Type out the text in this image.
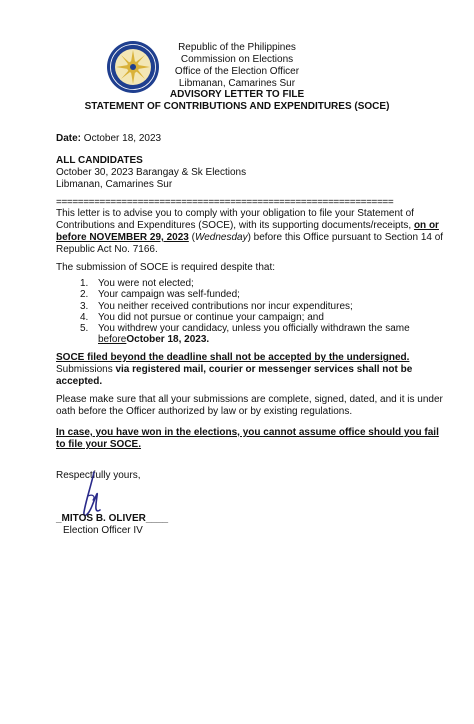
Republic of the Philippines
Commission on Elections
Office of the Election Officer
Libmanan, Camarines Sur
ADVISORY LETTER TO FILE
STATEMENT OF CONTRIBUTIONS AND EXPENDITURES (SOCE)
Date: October 18, 2023
ALL CANDIDATES
October 30, 2023 Barangay & Sk Elections
Libmanan, Camarines Sur
==============================================================
This letter is to advise you to comply with your obligation to file your Statement of
Contributions and Expenditures (SOCE), with its supporting documents/receipts, on or
before NOVEMBER 29, 2023 (Wednesday) before this Office pursuant to Section 14 of
Republic Act No. 7166.
The submission of SOCE is required despite that:
1. You were not elected;
2. Your campaign was self-funded;
3. You neither received contributions nor incur expenditures;
4. You did not pursue or continue your campaign; and
5. You withdrew your candidacy, unless you officially withdrawn the same
before October 18, 2023.
SOCE filed beyond the deadline shall not be accepted by the undersigned.
Submissions via registered mail, courier or messenger services shall not be
accepted.
Please make sure that all your submissions are complete, signed, dated, and it is under
oath before the Officer authorized by law or by existing regulations.
In case, you have won in the elections, you cannot assume office should you fail
to file your SOCE.
Respectfully yours,
_MITOS B. OLIVER____
Election Officer IV
